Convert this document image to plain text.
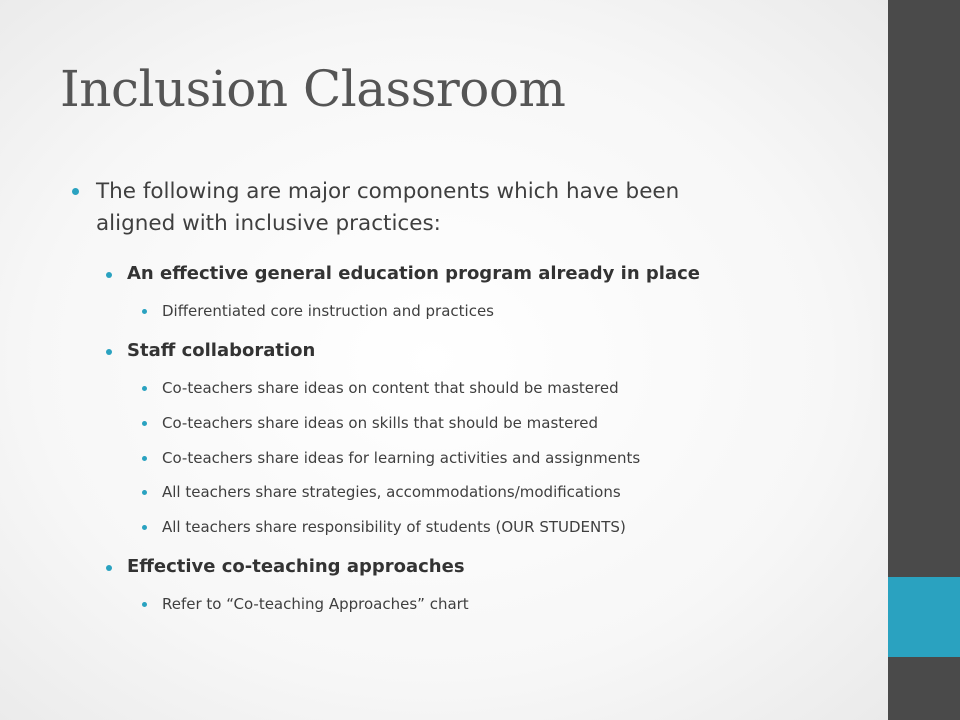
Inclusion Classroom
The following are major components which have been
aligned with inclusive practices:
An effective general education program already in place
Differentiated core instruction and practices
Staff collaboration
Co-teachers share ideas on content that should be mastered
Co-teachers share ideas on skills that should be mastered
Co-teachers share ideas for learning activities and assignments
All teachers share strategies, accommodations/modifications
All teachers share responsibility of students (OUR STUDENTS)
Effective co-teaching approaches
Refer to “Co-teaching Approaches” chart
